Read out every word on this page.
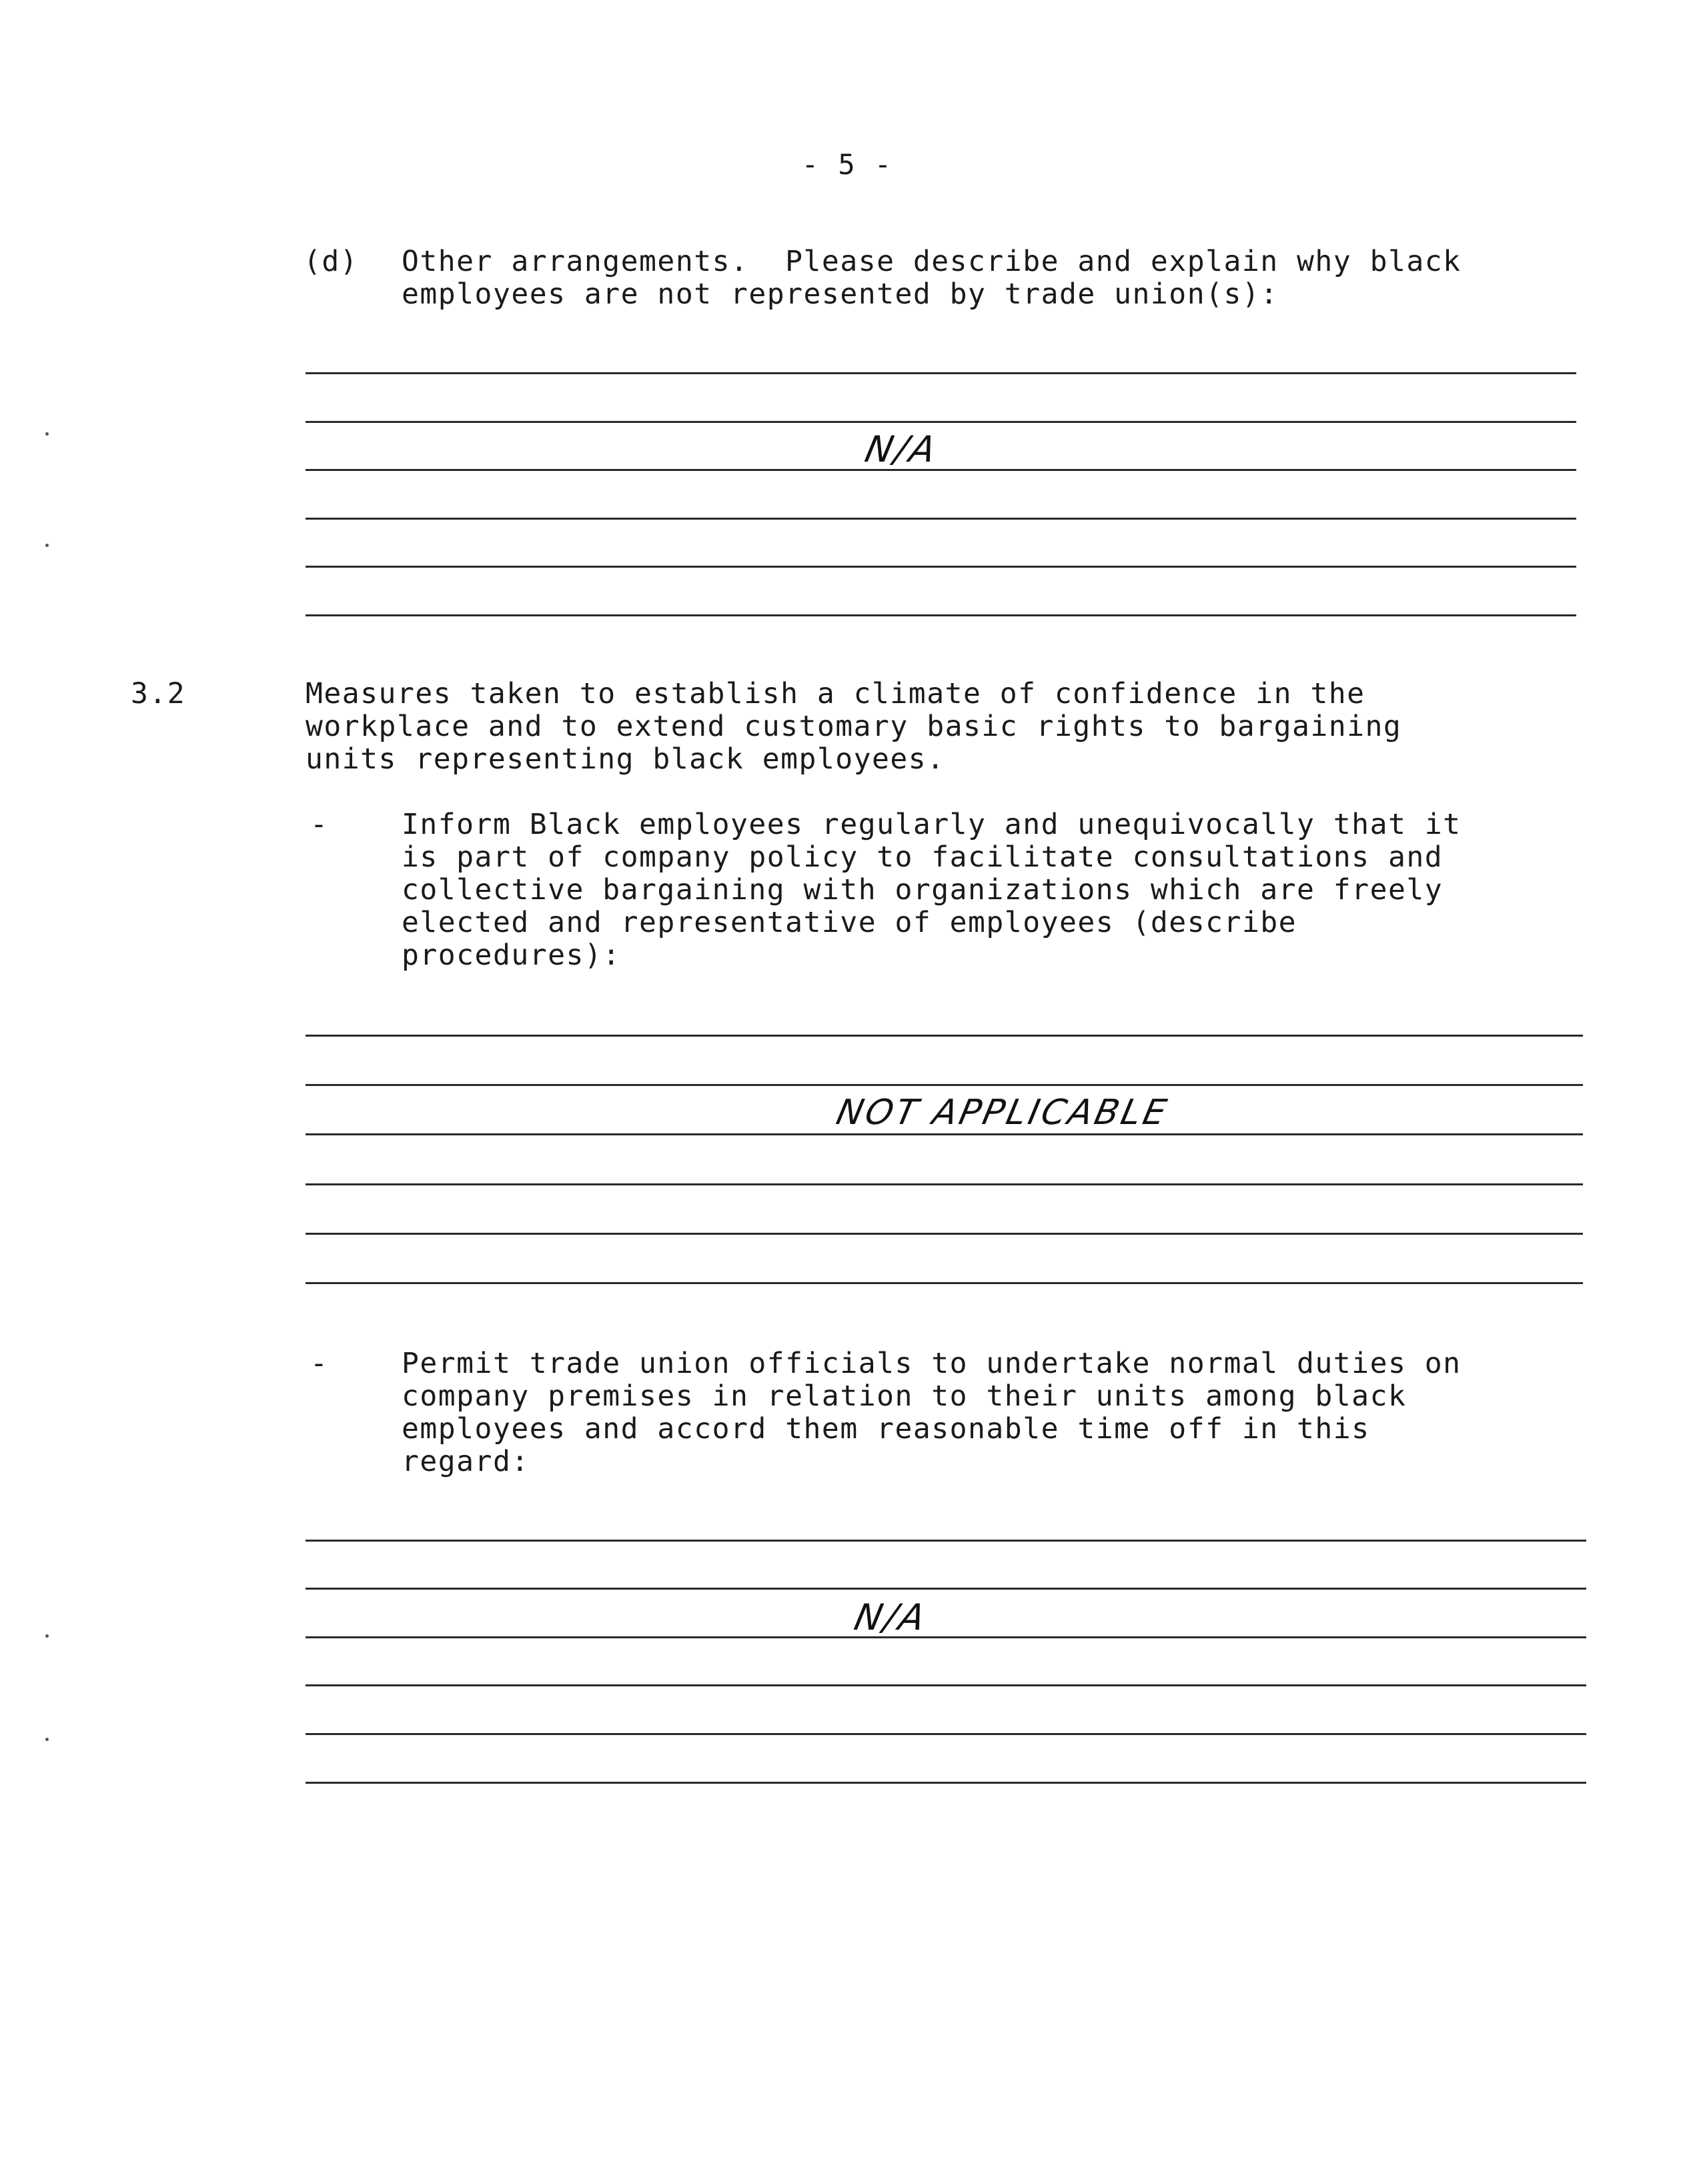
- 5 -
(d) Other arrangements.  Please describe and explain why black
employees are not represented by trade union(s):
N/A
3.2	Measures taken to establish a climate of confidence in the
workplace and to extend customary basic rights to bargaining
units representing black employees.
-	Inform Black employees regularly and unequivocally that it
is part of company policy to facilitate consultations and
collective bargaining with organizations which are freely
elected and representative of employees (describe
procedures):
NOT APPLICABLE
-	Permit trade union officials to undertake normal duties on
company premises in relation to their units among black
employees and accord them reasonable time off in this
regard:
N/A
